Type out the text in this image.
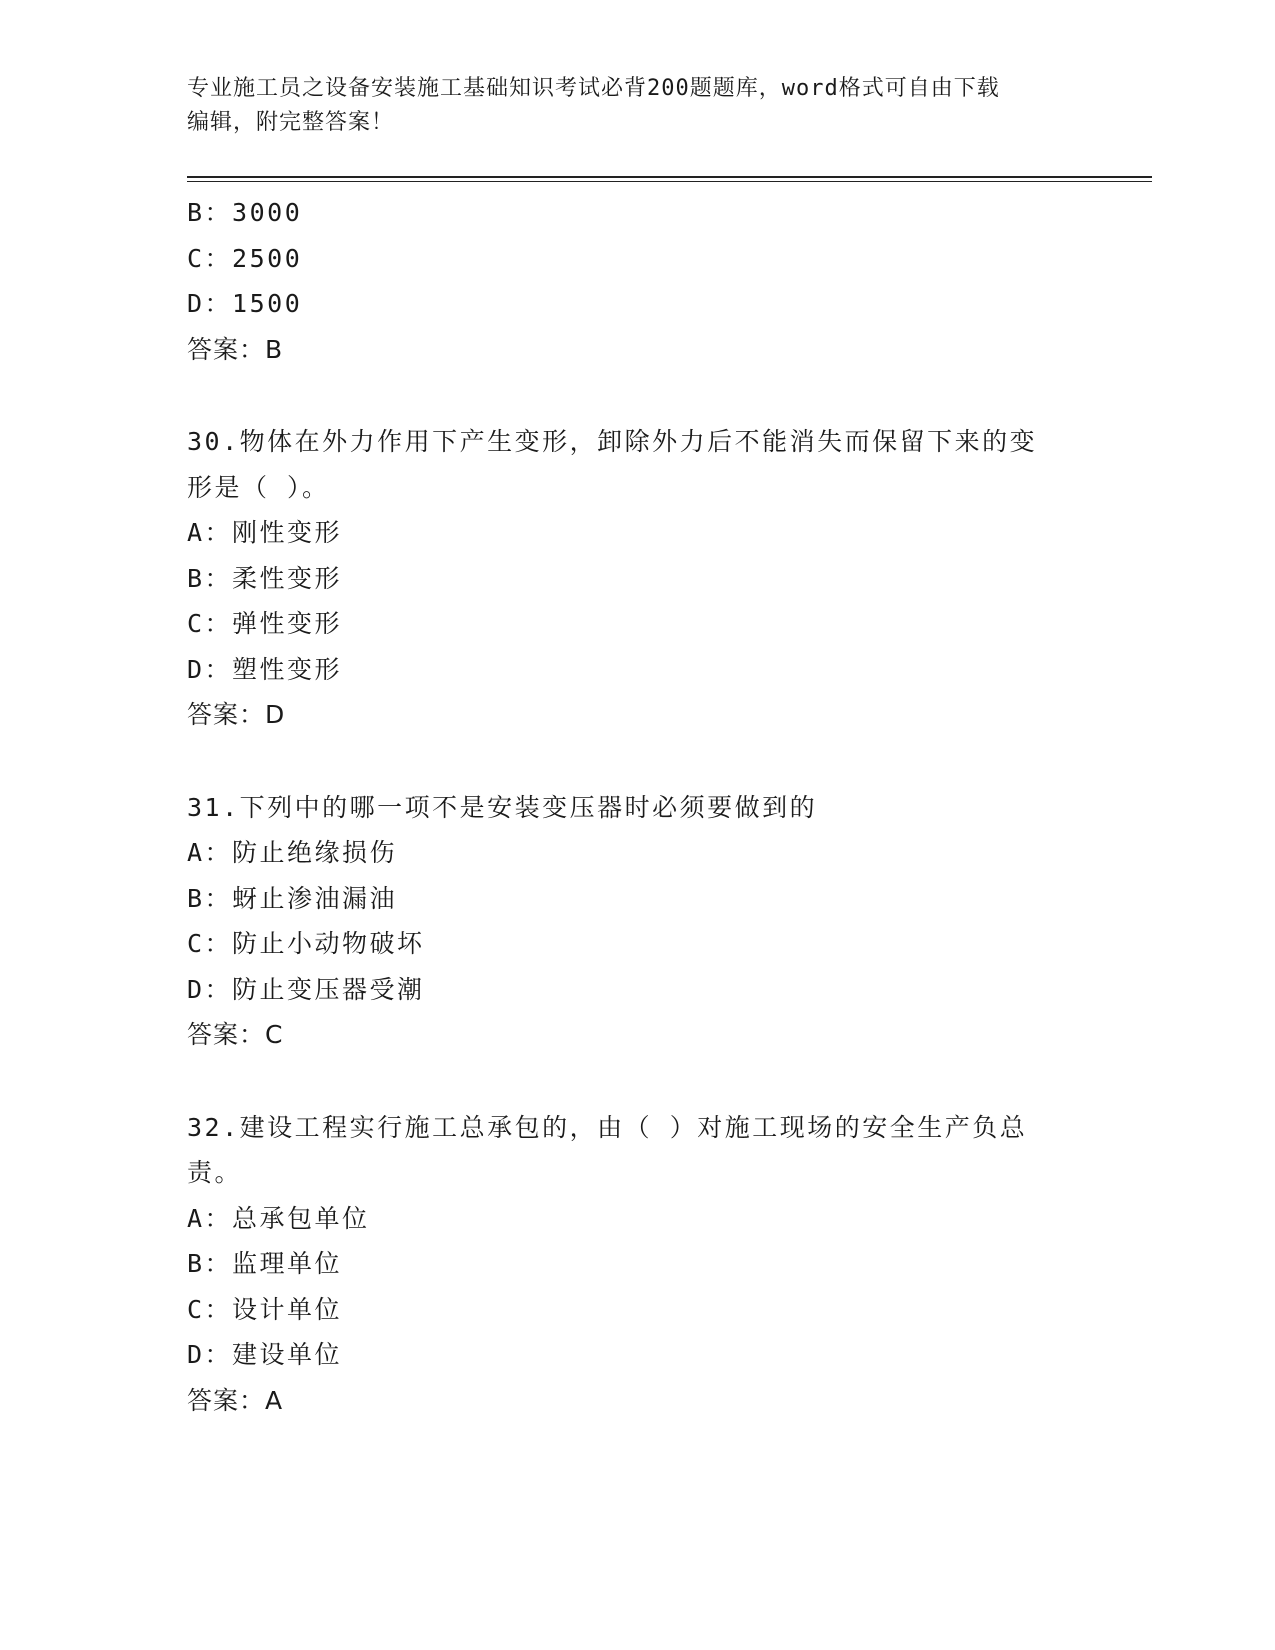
专业施工员之设备安装施工基础知识考试必背200题题库，word格式可自由下载
编辑，附完整答案！
B：3000
C：2500
D：1500
答案：B
30.物体在外力作用下产生变形，卸除外力后不能消失而保留下来的变
形是（ ）。
A：刚性变形
B：柔性变形
C：弹性变形
D：塑性变形
答案：D
31.下列中的哪一项不是安装变压器时必须要做到的
A：防止绝缘损伤
B：蚜止渗油漏油
C：防止小动物破坏
D：防止变压器受潮
答案：C
32.建设工程实行施工总承包的，由（ ）对施工现场的安全生产负总
责。
A：总承包单位
B：监理单位
C：设计单位
D：建设单位
答案：A
